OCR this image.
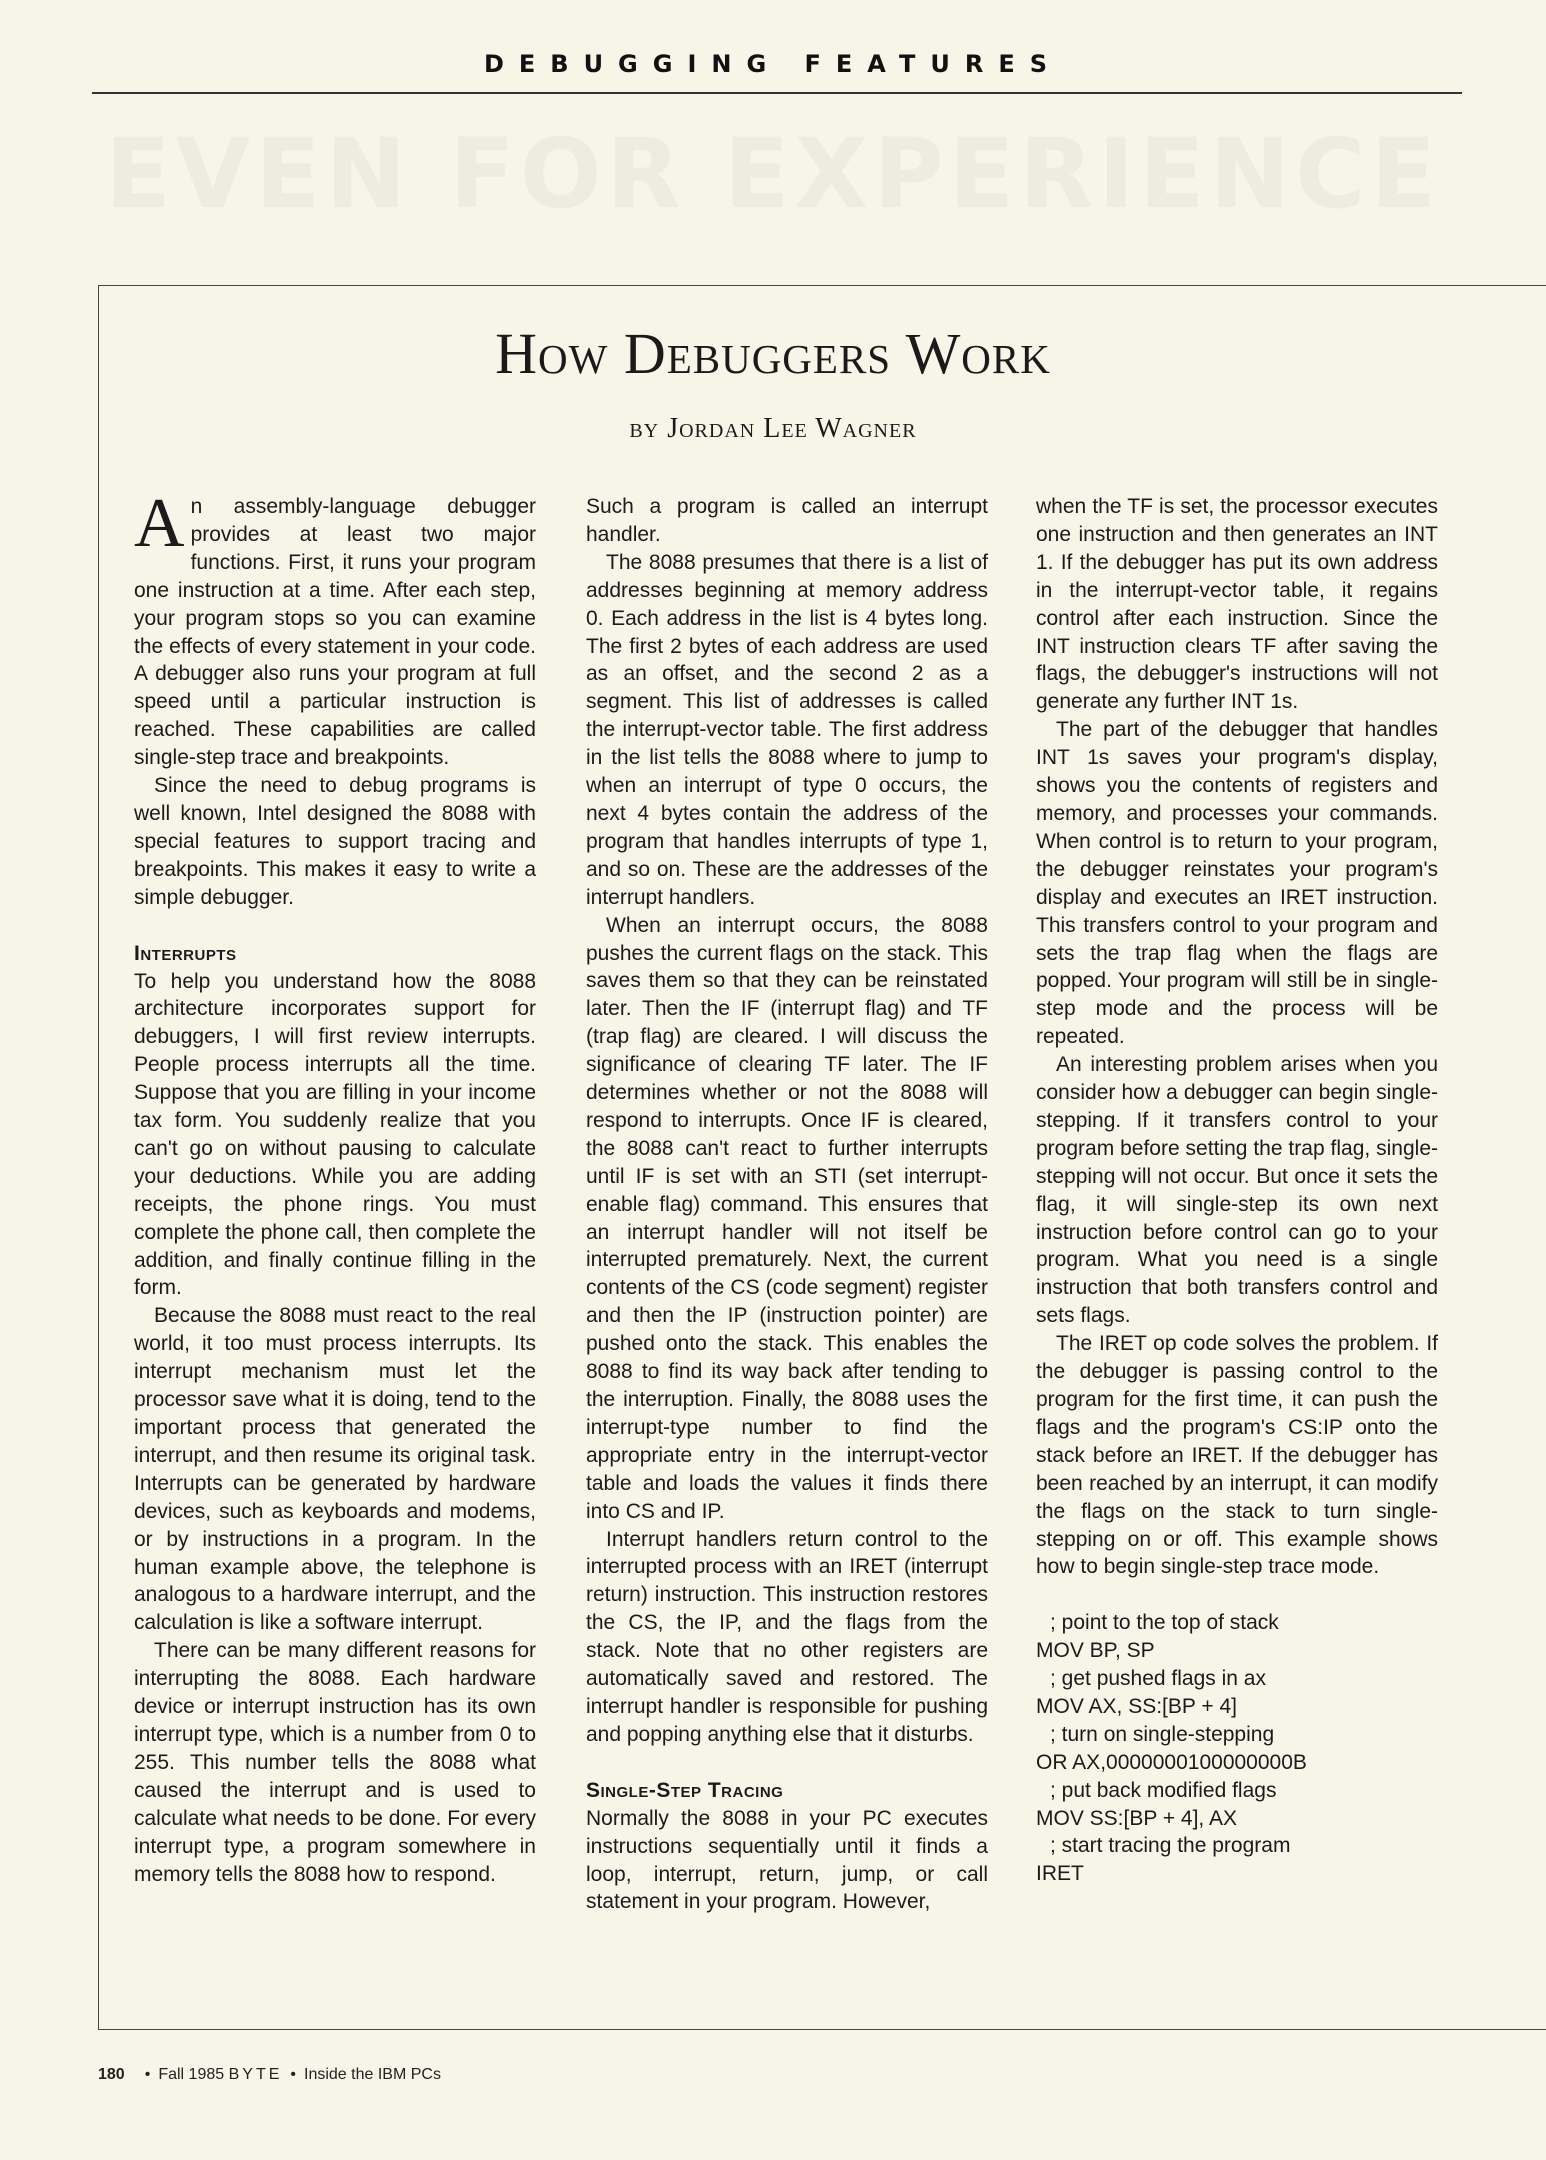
DEBUGGING FEATURES
EVEN FOR EXPERIENCE
How Debuggers Work
by Jordan Lee Wagner

An assembly-language debugger provides at least two major functions. First, it runs your program one instruction at a time. After each step, your program stops so you can examine the effects of every statement in your code. A debugger also runs your program at full speed until a particular instruction is reached. These capabilities are called single-step trace and breakpoints.

Since the need to debug programs is well known, Intel designed the 8088 with special features to support tracing and breakpoints. This makes it easy to write a simple debugger.

Interrupts

To help you understand how the 8088 architecture incorporates support for debuggers, I will first review interrupts. People process interrupts all the time. Suppose that you are filling in your income tax form. You suddenly realize that you can't go on without pausing to calculate your deductions. While you are adding receipts, the phone rings. You must complete the phone call, then complete the addition, and finally continue filling in the form.

Because the 8088 must react to the real world, it too must process interrupts. Its interrupt mechanism must let the processor save what it is doing, tend to the important process that generated the interrupt, and then resume its original task. Interrupts can be generated by hardware devices, such as keyboards and modems, or by instructions in a program. In the human example above, the telephone is analogous to a hardware interrupt, and the calculation is like a software interrupt.

There can be many different reasons for interrupting the 8088. Each hardware device or interrupt instruction has its own interrupt type, which is a number from 0 to 255. This number tells the 8088 what caused the interrupt and is used to calculate what needs to be done. For every interrupt type, a program somewhere in memory tells the 8088 how to respond.

Such a program is called an interrupt handler.

The 8088 presumes that there is a list of addresses beginning at memory address 0. Each address in the list is 4 bytes long. The first 2 bytes of each address are used as an offset, and the second 2 as a segment. This list of addresses is called the interrupt-vector table. The first address in the list tells the 8088 where to jump to when an interrupt of type 0 occurs, the next 4 bytes contain the address of the program that handles interrupts of type 1, and so on. These are the addresses of the interrupt handlers.

When an interrupt occurs, the 8088 pushes the current flags on the stack. This saves them so that they can be reinstated later. Then the IF (interrupt flag) and TF (trap flag) are cleared. I will discuss the significance of clearing TF later. The IF determines whether or not the 8088 will respond to interrupts. Once IF is cleared, the 8088 can't react to further interrupts until IF is set with an STI (set interrupt-enable flag) command. This ensures that an interrupt handler will not itself be interrupted prematurely. Next, the current contents of the CS (code segment) register and then the IP (instruction pointer) are pushed onto the stack. This enables the 8088 to find its way back after tending to the interruption. Finally, the 8088 uses the interrupt-type number to find the appropriate entry in the interrupt-vector table and loads the values it finds there into CS and IP.

Interrupt handlers return control to the interrupted process with an IRET (interrupt return) instruction. This instruction restores the CS, the IP, and the flags from the stack. Note that no other registers are automatically saved and restored. The interrupt handler is responsible for pushing and popping anything else that it disturbs.

Single-Step Tracing

Normally the 8088 in your PC executes instructions sequentially until it finds a loop, interrupt, return, jump, or call statement in your program. However,

when the TF is set, the processor executes one instruction and then generates an INT 1. If the debugger has put its own address in the interrupt-vector table, it regains control after each instruction. Since the INT instruction clears TF after saving the flags, the debugger's instructions will not generate any further INT 1s.

The part of the debugger that handles INT 1s saves your program's display, shows you the contents of registers and memory, and processes your commands. When control is to return to your program, the debugger reinstates your program's display and executes an IRET instruction. This transfers control to your program and sets the trap flag when the flags are popped. Your program will still be in single-step mode and the process will be repeated.

An interesting problem arises when you consider how a debugger can begin single-stepping. If it transfers control to your program before setting the trap flag, single-stepping will not occur. But once it sets the flag, it will single-step its own next instruction before control can go to your program. What you need is a single instruction that both transfers control and sets flags.

The IRET op code solves the problem. If the debugger is passing control to the program for the first time, it can push the flags and the program's CS:IP onto the stack before an IRET. If the debugger has been reached by an interrupt, it can modify the flags on the stack to turn single-stepping on or off. This example shows how to begin single-step trace mode.

; point to the top of stack
MOV BP, SP
; get pushed flags in ax
MOV AX, SS:[BP + 4]
; turn on single-stepping
OR AX,0000000100000000B
; put back modified flags
MOV SS:[BP + 4], AX
; start tracing the program
IRET
180 • Fall 1985 BYTE • Inside the IBM PCs
